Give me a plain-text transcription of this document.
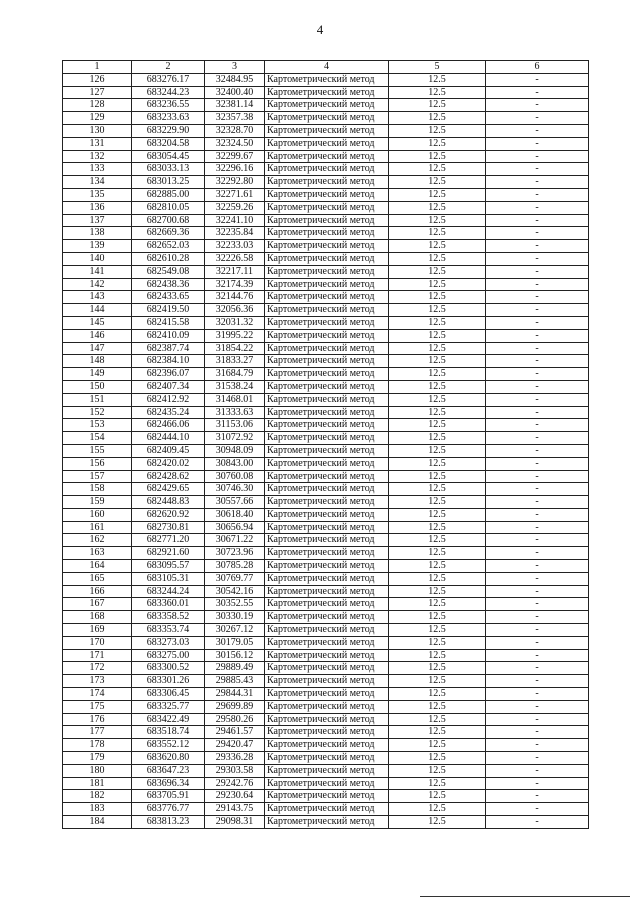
4
1	2	3	4	5	6
126	683276.17	32484.95	Картометрический метод	12.5	-
127	683244.23	32400.40	Картометрический метод	12.5	-
128	683236.55	32381.14	Картометрический метод	12.5	-
129	683233.63	32357.38	Картометрический метод	12.5	-
130	683229.90	32328.70	Картометрический метод	12.5	-
131	683204.58	32324.50	Картометрический метод	12.5	-
132	683054.45	32299.67	Картометрический метод	12.5	-
133	683033.13	32296.16	Картометрический метод	12.5	-
134	683013.25	32292.80	Картометрический метод	12.5	-
135	682885.00	32271.61	Картометрический метод	12.5	-
136	682810.05	32259.26	Картометрический метод	12.5	-
137	682700.68	32241.10	Картометрический метод	12.5	-
138	682669.36	32235.84	Картометрический метод	12.5	-
139	682652.03	32233.03	Картометрический метод	12.5	-
140	682610.28	32226.58	Картометрический метод	12.5	-
141	682549.08	32217.11	Картометрический метод	12.5	-
142	682438.36	32174.39	Картометрический метод	12.5	-
143	682433.65	32144.76	Картометрический метод	12.5	-
144	682419.50	32056.36	Картометрический метод	12.5	-
145	682415.58	32031.32	Картометрический метод	12.5	-
146	682410.09	31995.22	Картометрический метод	12.5	-
147	682387.74	31854.22	Картометрический метод	12.5	-
148	682384.10	31833.27	Картометрический метод	12.5	-
149	682396.07	31684.79	Картометрический метод	12.5	-
150	682407.34	31538.24	Картометрический метод	12.5	-
151	682412.92	31468.01	Картометрический метод	12.5	-
152	682435.24	31333.63	Картометрический метод	12.5	-
153	682466.06	31153.06	Картометрический метод	12.5	-
154	682444.10	31072.92	Картометрический метод	12.5	-
155	682409.45	30948.09	Картометрический метод	12.5	-
156	682420.02	30843.00	Картометрический метод	12.5	-
157	682428.62	30760.08	Картометрический метод	12.5	-
158	682429.65	30746.30	Картометрический метод	12.5	-
159	682448.83	30557.66	Картометрический метод	12.5	-
160	682620.92	30618.40	Картометрический метод	12.5	-
161	682730.81	30656.94	Картометрический метод	12.5	-
162	682771.20	30671.22	Картометрический метод	12.5	-
163	682921.60	30723.96	Картометрический метод	12.5	-
164	683095.57	30785.28	Картометрический метод	12.5	-
165	683105.31	30769.77	Картометрический метод	12.5	-
166	683244.24	30542.16	Картометрический метод	12.5	-
167	683360.01	30352.55	Картометрический метод	12.5	-
168	683358.52	30330.19	Картометрический метод	12.5	-
169	683353.74	30267.12	Картометрический метод	12.5	-
170	683273.03	30179.05	Картометрический метод	12.5	-
171	683275.00	30156.12	Картометрический метод	12.5	-
172	683300.52	29889.49	Картометрический метод	12.5	-
173	683301.26	29885.43	Картометрический метод	12.5	-
174	683306.45	29844.31	Картометрический метод	12.5	-
175	683325.77	29699.89	Картометрический метод	12.5	-
176	683422.49	29580.26	Картометрический метод	12.5	-
177	683518.74	29461.57	Картометрический метод	12.5	-
178	683552.12	29420.47	Картометрический метод	12.5	-
179	683620.80	29336.28	Картометрический метод	12.5	-
180	683647.23	29303.58	Картометрический метод	12.5	-
181	683696.34	29242.76	Картометрический метод	12.5	-
182	683705.91	29230.64	Картометрический метод	12.5	-
183	683776.77	29143.75	Картометрический метод	12.5	-
184	683813.23	29098.31	Картометрический метод	12.5	-
